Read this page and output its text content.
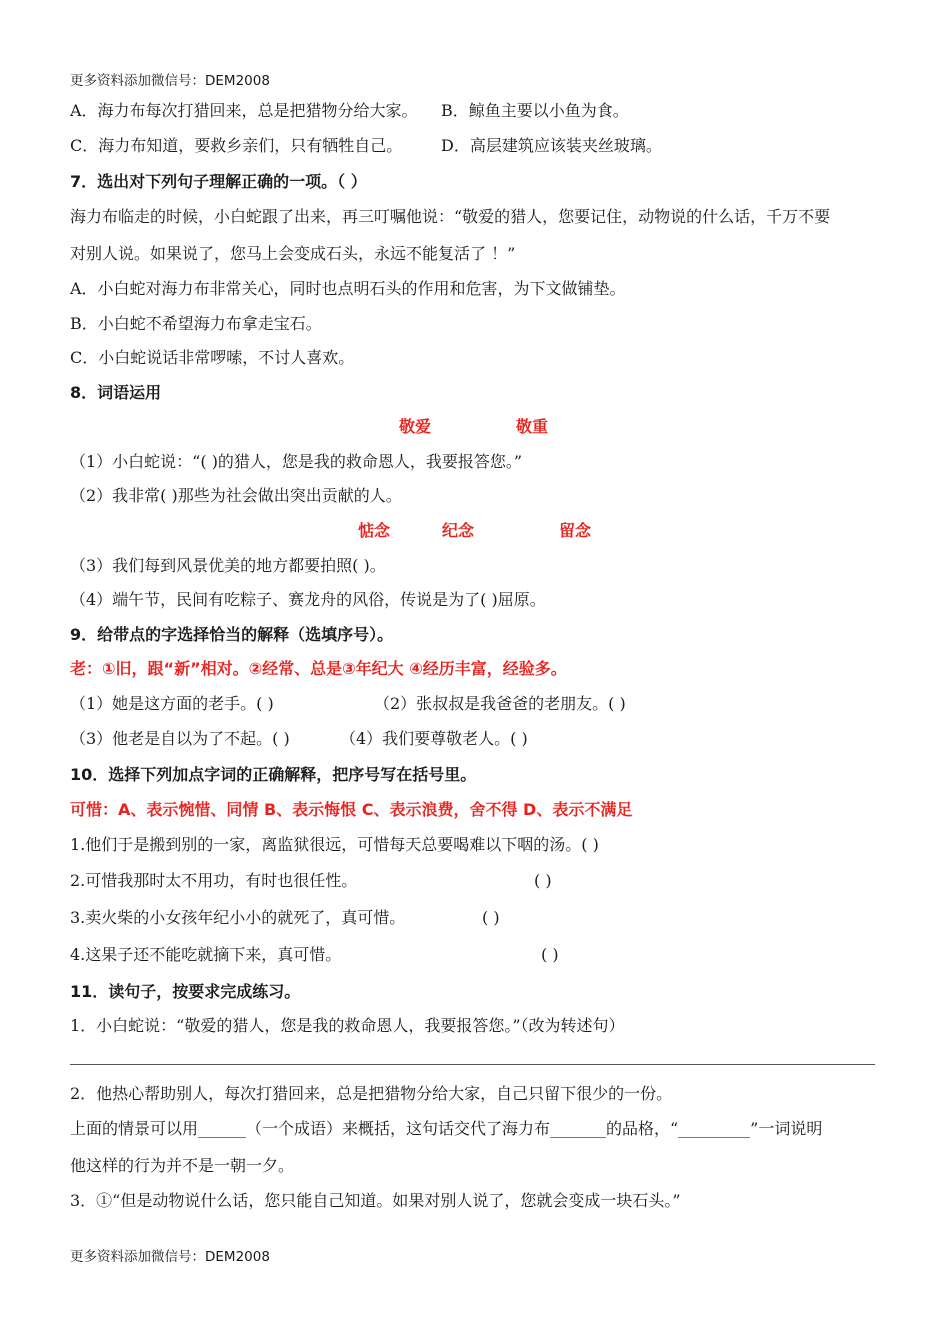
更多资料添加微信号：DEM2008
A．海力布每次打猎回来，总是把猎物分给大家。 B．鲸鱼主要以小鱼为食。
C．海力布知道，要救乡亲们，只有牺牲自己。 D．高层建筑应该装夹丝玻璃。
7．选出对下列句子理解正确的一项。（ ）
海力布临走的时候，小白蛇跟了出来，再三叮嘱他说：“敬爱的猎人，您要记住，动物说的什么话，千万不要
对别人说。如果说了，您马上会变成石头，永远不能复活了 ！”
A．小白蛇对海力布非常关心，同时也点明石头的作用和危害，为下文做铺垫。
B．小白蛇不希望海力布拿走宝石。
C．小白蛇说话非常啰嗦，不讨人喜欢。
8．词语运用
敬爱	敬重
（1）小白蛇说：“( )的猎人，您是我的救命恩人，我要报答您。”
（2）我非常( )那些为社会做出突出贡献的人。
惦念	纪念	留念
（3）我们每到风景优美的地方都要拍照( )。
（4）端午节，民间有吃粽子、赛龙舟的风俗，传说是为了( )屈原。
9．给带点的字选择恰当的解释（选填序号）。
老：①旧，跟“新”相对。②经常、总是③年纪大 ④经历丰富，经验多。
（1）她是这方面的老手。( )	（2）张叔叔是我爸爸的老朋友。( )
（3）他老是自以为了不起。( )	（4）我们要尊敬老人。( )
10．选择下列加点字词的正确解释，把序号写在括号里。
可惜：A、表示惋惜、同情 B、表示悔恨 C、表示浪费，舍不得 D、表示不满足
1.他们于是搬到别的一家，离监狱很远，可惜每天总要喝难以下咽的汤。( )
2.可惜我那时太不用功，有时也很任性。	( )
3.卖火柴的小女孩年纪小小的就死了，真可惜。	( )
4.这果子还不能吃就摘下来，真可惜。	( )
11．读句子，按要求完成练习。
1．小白蛇说：“敬爱的猎人，您是我的救命恩人，我要报答您。”（改为转述句）
2．他热心帮助别人，每次打猎回来，总是把猎物分给大家，自己只留下很少的一份。
上面的情景可以用______（一个成语）来概括，这句话交代了海力布_______的品格，“_________”一词说明
他这样的行为并不是一朝一夕。
3．①“但是动物说什么话，您只能自己知道。如果对别人说了，您就会变成一块石头。”
更多资料添加微信号：DEM2008
